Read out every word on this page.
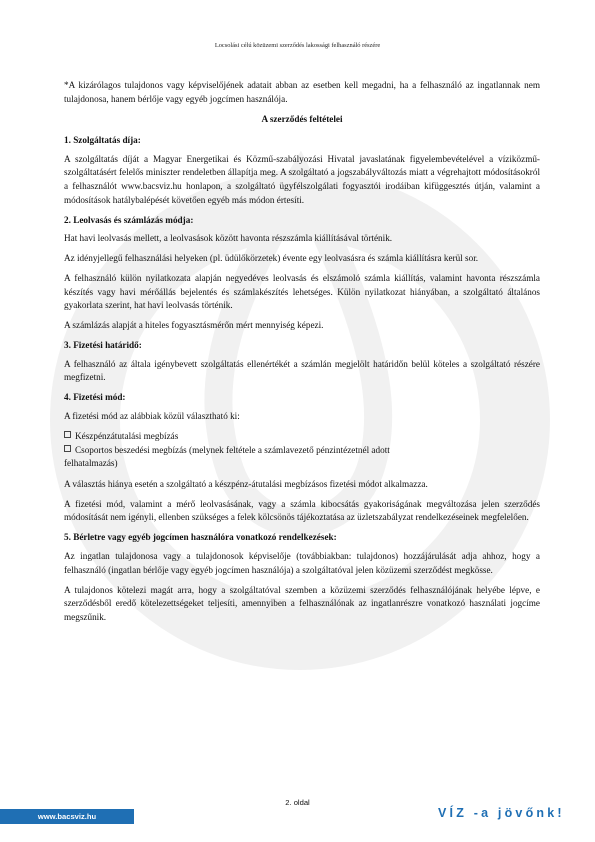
Locsolási célú közüzemi szerződés lakossági felhasználó részére

*A kizárólagos tulajdonos vagy képviselőjének adatait abban az esetben kell megadni, ha a felhasználó az ingatlannak nem tulajdonosa, hanem bérlője vagy egyéb jogcímen használója.

A szerződés feltételei

1. Szolgáltatás díja:

A szolgáltatás díját a Magyar Energetikai és Közmű-szabályozási Hivatal javaslatának figyelembevételével a víziközmű-szolgáltatásért felelős miniszter rendeletben állapítja meg. A szolgáltató a jogszabályváltozás miatt a végrehajtott módosításokról a felhasználót www.bacsviz.hu honlapon, a szolgáltató ügyfélszolgálati fogyasztói irodáiban kifüggesztés útján, valamint a módosítások hatálybalépését követően egyéb más módon értesíti.

2. Leolvasás és számlázás módja:

Hat havi leolvasás mellett, a leolvasások között havonta részszámla kiállításával történik.

Az idényjellegű felhasználási helyeken (pl. üdülőkörzetek) évente egy leolvasásra és számla kiállításra kerül sor.

A felhasználó külön nyilatkozata alapján negyedéves leolvasás és elszámoló számla kiállítás, valamint havonta részszámla készítés vagy havi mérőállás bejelentés és számlakészítés lehetséges. Külön nyilatkozat hiányában, a szolgáltató általános gyakorlata szerint, hat havi leolvasás történik.

A számlázás alapját a hiteles fogyasztásmérőn mért mennyiség képezi.

3. Fizetési határidő:

A felhasználó az általa igénybevett szolgáltatás ellenértékét a számlán megjelölt határidőn belül köteles a szolgáltató részére megfizetni.

4. Fizetési mód:

A fizetési mód az alábbiak közül választható ki:

Készpénzátutalási megbízás
Csoportos beszedési megbízás (melynek feltétele a számlavezető pénzintézetnél adott

felhatalmazás)

A választás hiánya esetén a szolgáltató a készpénz-átutalási megbízásos fizetési módot alkalmazza.

A fizetési mód, valamint a mérő leolvasásának, vagy a számla kibocsátás gyakoriságának megváltozása jelen szerződés módosítását nem igényli, ellenben szükséges a felek kölcsönös tájékoztatása az üzletszabályzat rendelkezéseinek megfelelően.

5. Bérletre vagy egyéb jogcímen használóra vonatkozó rendelkezések:

Az ingatlan tulajdonosa vagy a tulajdonosok képviselője (továbbiakban: tulajdonos) hozzájárulását adja ahhoz, hogy a felhasználó (ingatlan bérlője vagy egyéb jogcímen használója) a szolgáltatóval jelen közüzemi szerződést megkösse.

A tulajdonos kötelezi magát arra, hogy a szolgáltatóval szemben a közüzemi szerződés felhasználójának helyébe lépve, e szerződésből eredő kötelezettségeket teljesíti, amennyiben a felhasználónak az ingatlanrészre vonatkozó használati jogcíme megszűnik.

2. oldal
www.bacsviz.hu	VÍZ -a jövőnk!
